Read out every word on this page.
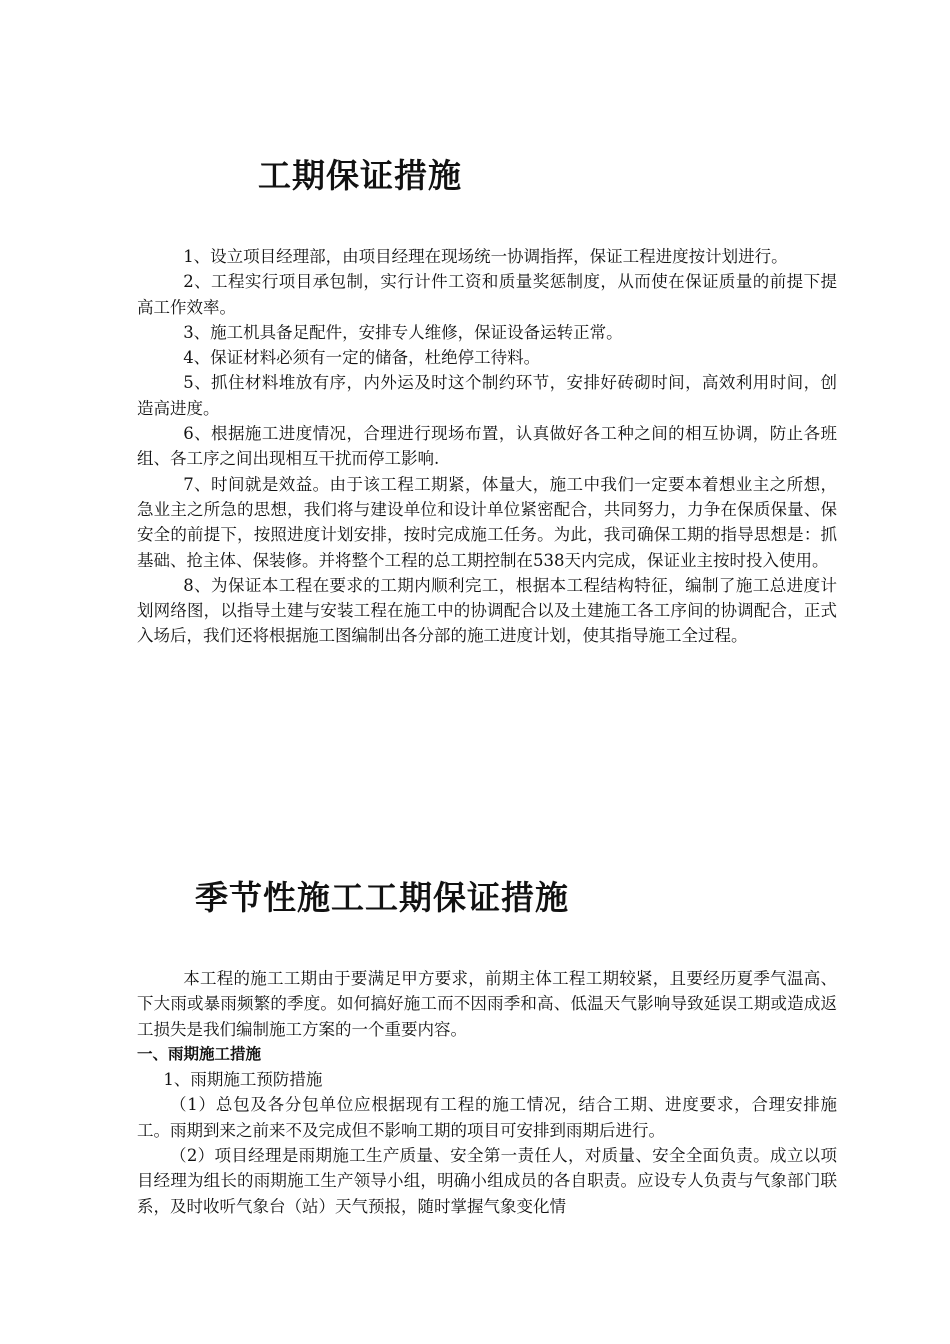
工期保证措施

1、设立项目经理部，由项目经理在现场统一协调指挥，保证工程进度按计划进行。

2、工程实行项目承包制，实行计件工资和质量奖惩制度，从而使在保证质量的前提下提高工作效率。

3、施工机具备足配件，安排专人维修，保证设备运转正常。

4、保证材料必须有一定的储备，杜绝停工待料。

5、抓住材料堆放有序，内外运及时这个制约环节，安排好砖砌时间，高效利用时间，创造高进度。

6、根据施工进度情况，合理进行现场布置，认真做好各工种之间的相互协调，防止各班组、各工序之间出现相互干扰而停工影响.

7、时间就是效益。由于该工程工期紧，体量大，施工中我们一定要本着想业主之所想，急业主之所急的思想，我们将与建设单位和设计单位紧密配合，共同努力，力争在保质保量、保安全的前提下，按照进度计划安排，按时完成施工任务。为此，我司确保工期的指导思想是：抓基础、抢主体、保装修。并将整个工程的总工期控制在538天内完成，保证业主按时投入使用。

8、为保证本工程在要求的工期内顺利完工，根据本工程结构特征，编制了施工总进度计划网络图，以指导土建与安装工程在施工中的协调配合以及土建施工各工序间的协调配合，正式入场后，我们还将根据施工图编制出各分部的施工进度计划，使其指导施工全过程。

季节性施工工期保证措施

本工程的施工工期由于要满足甲方要求，前期主体工程工期较紧，且要经历夏季气温高、下大雨或暴雨频繁的季度。如何搞好施工而不因雨季和高、低温天气影响导致延误工期或造成返工损失是我们编制施工方案的一个重要内容。

一、雨期施工措施

1、雨期施工预防措施

（1）总包及各分包单位应根据现有工程的施工情况，结合工期、进度要求，合理安排施工。雨期到来之前来不及完成但不影响工期的项目可安排到雨期后进行。

（2）项目经理是雨期施工生产质量、安全第一责任人，对质量、安全全面负责。成立以项目经理为组长的雨期施工生产领导小组，明确小组成员的各自职责。应设专人负责与气象部门联系，及时收听气象台（站）天气预报，随时掌握气象变化情
